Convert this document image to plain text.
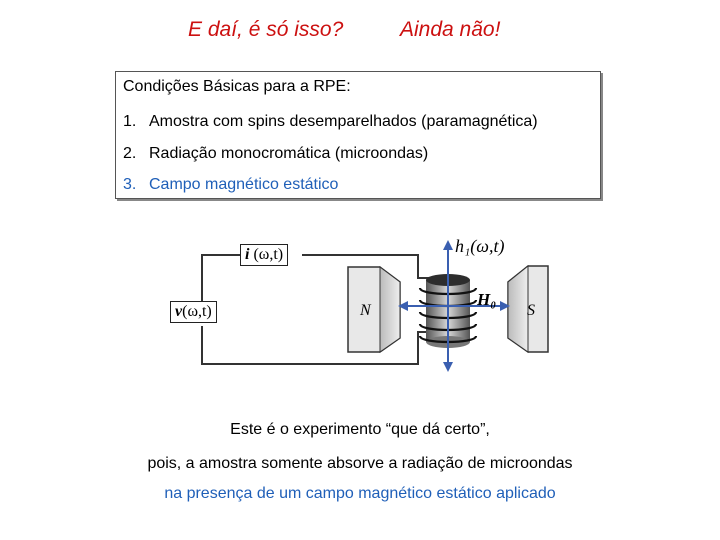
E daí, é só isso?	Ainda não!
Condições Básicas para a RPE:
1. Amostra com spins desemparelhados (paramagnética)
2. Radiação monocromática (microondas)
3. Campo magnético estático
i (ω,t)
v(ω,t)
h₁(ω,t)
H₀
N	S
Este é o experimento “que dá certo”,
pois, a amostra somente absorve a radiação de microondas
na presença de um campo magnético estático aplicado
